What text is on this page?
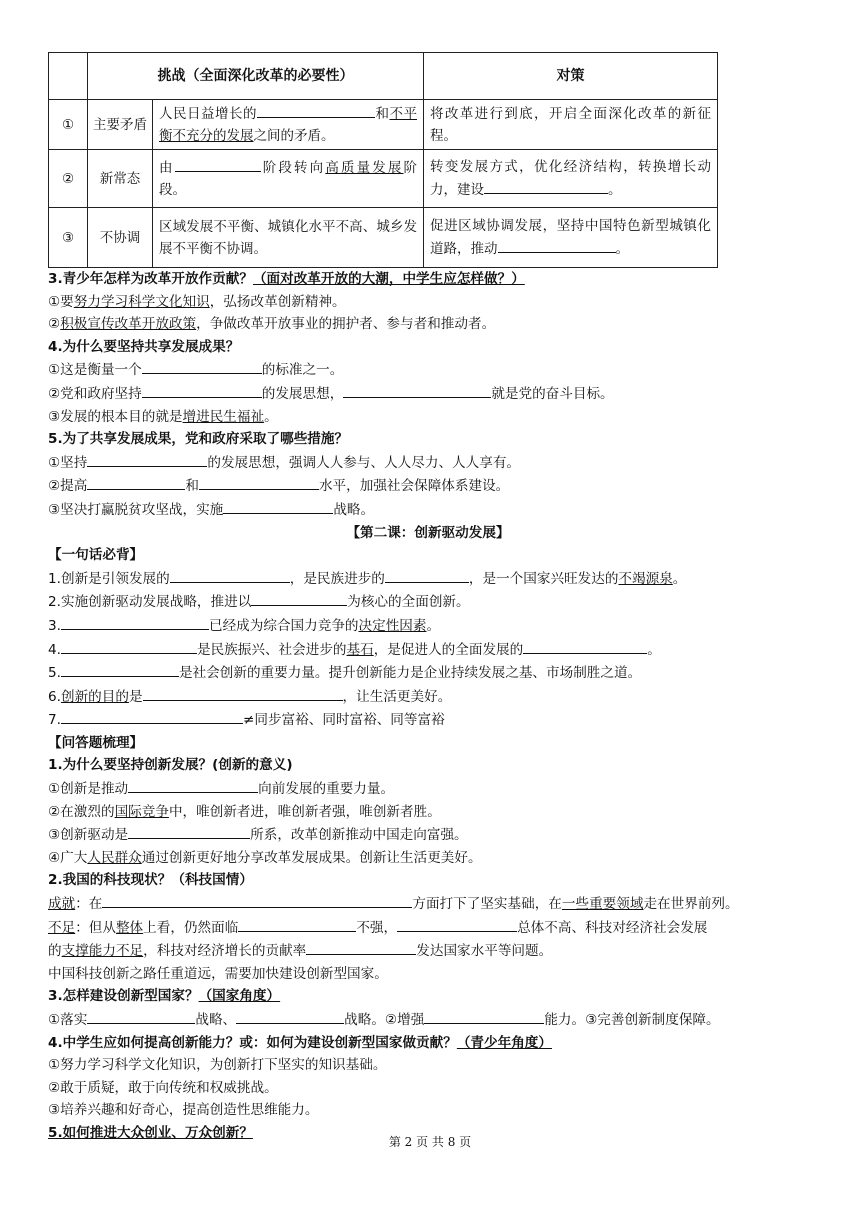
	挑战（全面深化改革的必要性）		对策
①	主要矛盾	人民日益增长的 和不平衡不充分的发展之间的矛盾。	将改革进行到底，开启全面深化改革的新征程。
②	新常态	由 阶段转向高质量发展阶段。	转变发展方式，优化经济结构，转换增长动力，建设 。
③	不协调	区域发展不平衡、城镇化水平不高、城乡发展不平衡不协调。	促进区域协调发展，坚持中国特色新型城镇化道路，推动 。
3.青少年怎样为改革开放作贡献？（面对改革开放的大潮，中学生应怎样做？）
①要努力学习科学文化知识，弘扬改革创新精神。
②积极宣传改革开放政策，争做改革开放事业的拥护者、参与者和推动者。
4.为什么要坚持共享发展成果？
①这是衡量一个	的标准之一。
②党和政府坚持	的发展思想，	就是党的奋斗目标。
③发展的根本目的就是增进民生福祉。
5.为了共享发展成果，党和政府采取了哪些措施？
①坚持	的发展思想，强调人人参与、人人尽力、人人享有。
②提高	和	水平，加强社会保障体系建设。
③坚决打赢脱贫攻坚战，实施	战略。
【第二课：创新驱动发展】
【一句话必背】
1.创新是引领发展的	，是民族进步的	，是一个国家兴旺发达的不竭源泉。
2.实施创新驱动发展战略，推进以	为核心的全面创新。
3.	已经成为综合国力竞争的决定性因素。
4.	是民族振兴、社会进步的基石，是促进人的全面发展的	。
5.	是社会创新的重要力量。提升创新能力是企业持续发展之基、市场制胜之道。
6.创新的目的是	，让生活更美好。
7.	≠同步富裕、同时富裕、同等富裕
【问答题梳理】
1.为什么要坚持创新发展？(创新的意义)
①创新是推动	向前发展的重要力量。
②在激烈的国际竞争中，唯创新者进，唯创新者强，唯创新者胜。
③创新驱动是	所系，改革创新推动中国走向富强。
④广大人民群众通过创新更好地分享改革发展成果。创新让生活更美好。
2.我国的科技现状？（科技国情）
成就：在	方面打下了坚实基础，在一些重要领域走在世界前列。
不足：但从整体上看，仍然面临	不强，	总体不高、科技对经济社会发展
的支撑能力不足，科技对经济增长的贡献率	发达国家水平等问题。
中国科技创新之路任重道远，需要加快建设创新型国家。
3.怎样建设创新型国家？（国家角度）
①落实	战略、	战略。②增强	能力。③完善创新制度保障。
4.中学生应如何提高创新能力？或：如何为建设创新型国家做贡献？（青少年角度）
①努力学习科学文化知识，为创新打下坚实的知识基础。
②敢于质疑，敢于向传统和权威挑战。
③培养兴趣和好奇心，提高创造性思维能力。
5.如何推进大众创业、万众创新？
第 2 页 共 8 页
